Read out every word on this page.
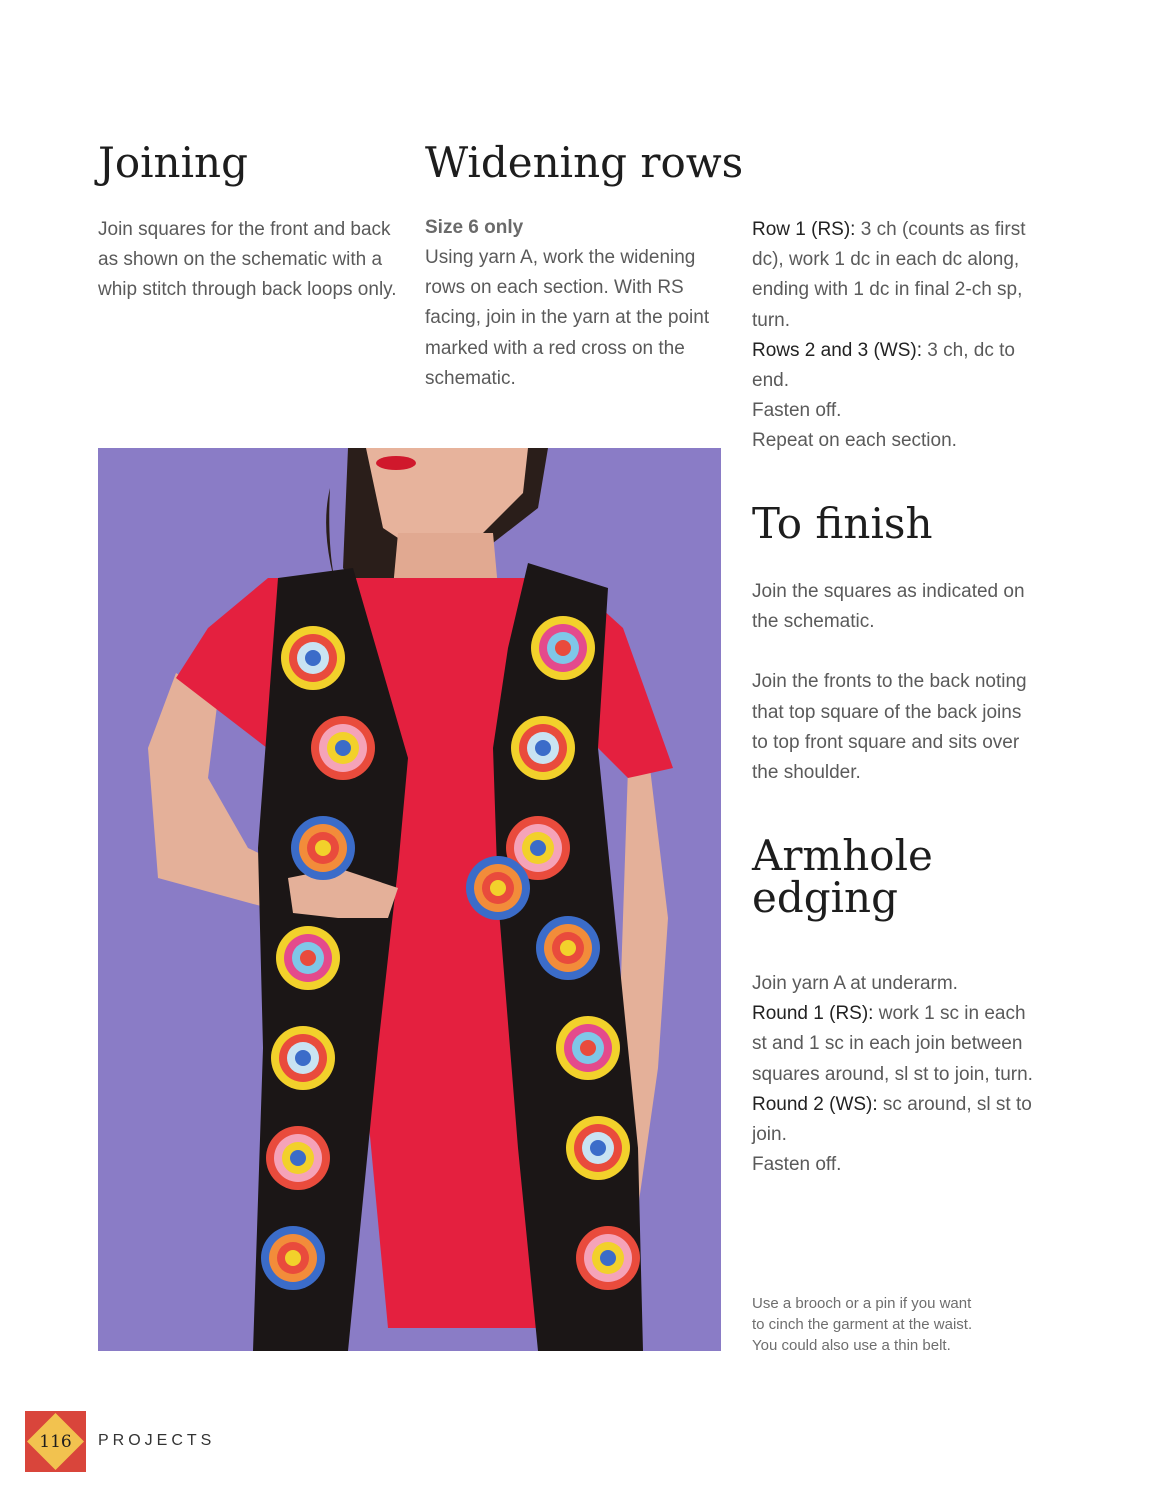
Joining

Join squares for the front and back as shown on the schematic with a whip stitch through back loops only.

Widening rows

Size 6 only

Using yarn A, work the widening rows on each section. With RS facing, join in the yarn at the point marked with a red cross on the schematic.

Row 1 (RS): 3 ch (counts as first dc), work 1 dc in each dc along, ending with 1 dc in final 2-ch sp, turn.

Rows 2 and 3 (WS): 3 ch, dc to end.

Fasten off.

Repeat on each section.

To finish

Join the squares as indicated on the schematic.

Join the fronts to the back noting that top square of the back joins to top front square and sits over the shoulder.

Armhole
edging

Join yarn A at underarm.

Round 1 (RS): work 1 sc in each st and 1 sc in each join between squares around, sl st to join, turn.

Round 2 (WS): sc around, sl st to join.

Fasten off.

Use a brooch or a pin if you want
to cinch the garment at the waist.
You could also use a thin belt.
116	PROJECTS
